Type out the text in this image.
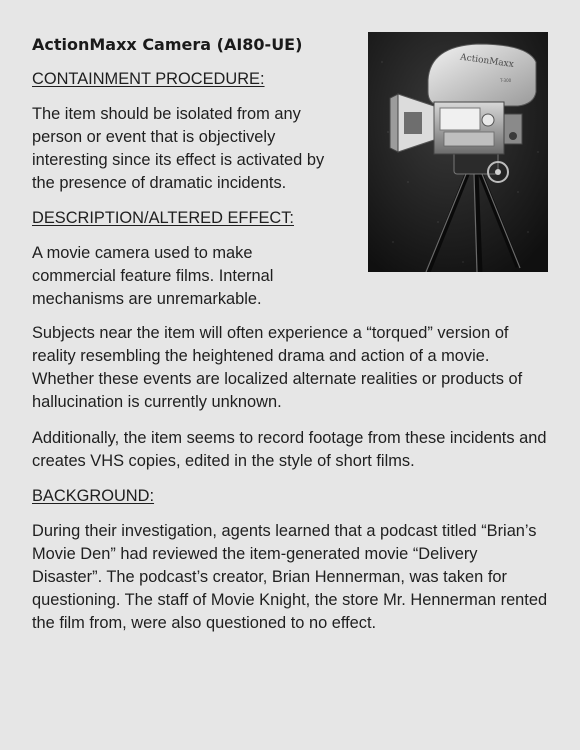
ActionMaxx Camera (AI80-UE)
ActionMaxx
T-300
CONTAINMENT PROCEDURE:

The item should be isolated from any person or event that is objectively interesting since its effect is activated by the presence of dramatic incidents.

DESCRIPTION/ALTERED EFFECT:

A movie camera used to make commercial feature films. Internal mechanisms are unremarkable.

Subjects near the item will often experience a “torqued” version of reality resembling the heightened drama and action of a movie. Whether these events are localized alternate realities or products of hallucination is currently unknown.

Additionally, the item seems to record footage from these incidents and creates VHS copies, edited in the style of short films.

BACKGROUND:

During their investigation, agents learned that a podcast titled “Brian’s Movie Den” had reviewed the item-generated movie “Delivery Disaster”. The podcast’s creator, Brian Hennerman, was taken for questioning. The staff of Movie Knight, the store Mr. Hennerman rented the film from, were also questioned to no effect.
